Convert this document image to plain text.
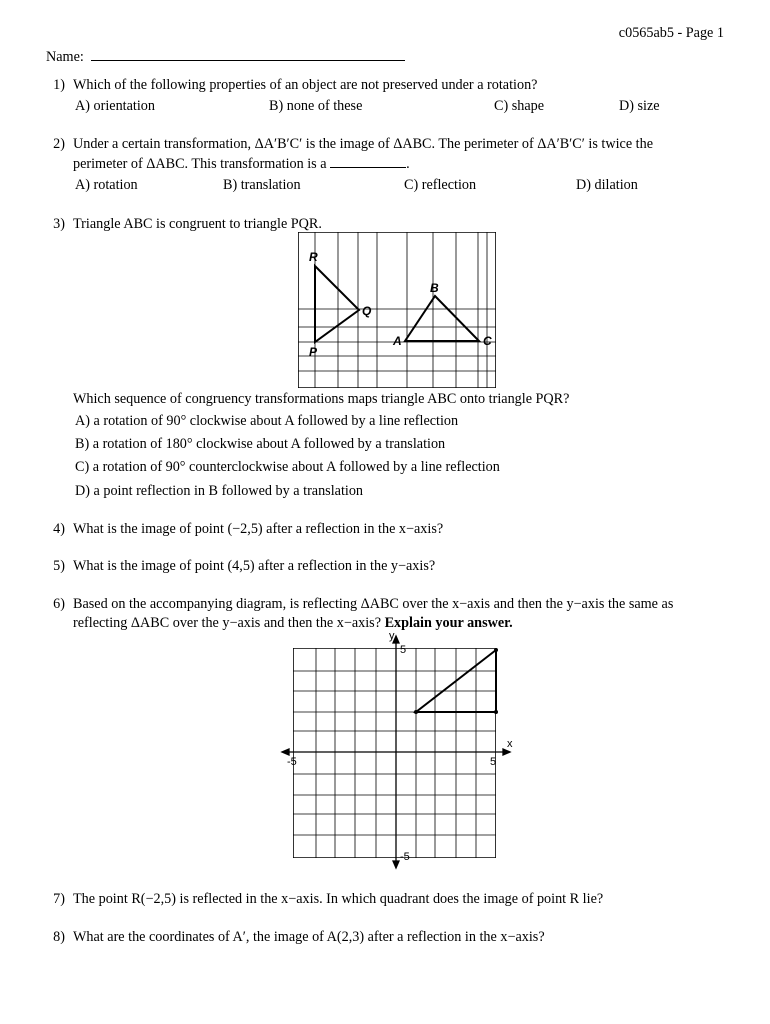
c0565ab5 - Page 1
Name:
1) Which of the following properties of an object are not preserved under a rotation?
A) orientation	B) none of these	C) shape	D) size
2) Under a certain transformation, ΔA′B′C′ is the image of ΔABC. The perimeter of ΔA′B′C′ is twice the
perimeter of ΔABC. This transformation is a	.
A) rotation	B) translation	C) reflection	D) dilation
3) Triangle ABC is congruent to triangle PQR.
R
Q
P
B
A	C
Which sequence of congruency transformations maps triangle ABC onto triangle PQR?
A) a rotation of 90° clockwise about A followed by a line reflection
B) a rotation of 180° clockwise about A followed by a translation
C) a rotation of 90° counterclockwise about A followed by a line reflection
D) a point reflection in B followed by a translation
4) What is the image of point (−2,5) after a reflection in the x−axis?
5) What is the image of point (4,5) after a reflection in the y−axis?
6) Based on the accompanying diagram, is reflecting ΔABC over the x−axis and then the y−axis the same as
reflecting ΔABC over the y−axis and then the x−axis? Explain your answer.
y
x
5
-5
-5	5
7) The point R(−2,5) is reflected in the x−axis. In which quadrant does the image of point R lie?
8) What are the coordinates of A′, the image of A(2,3) after a reflection in the x−axis?
